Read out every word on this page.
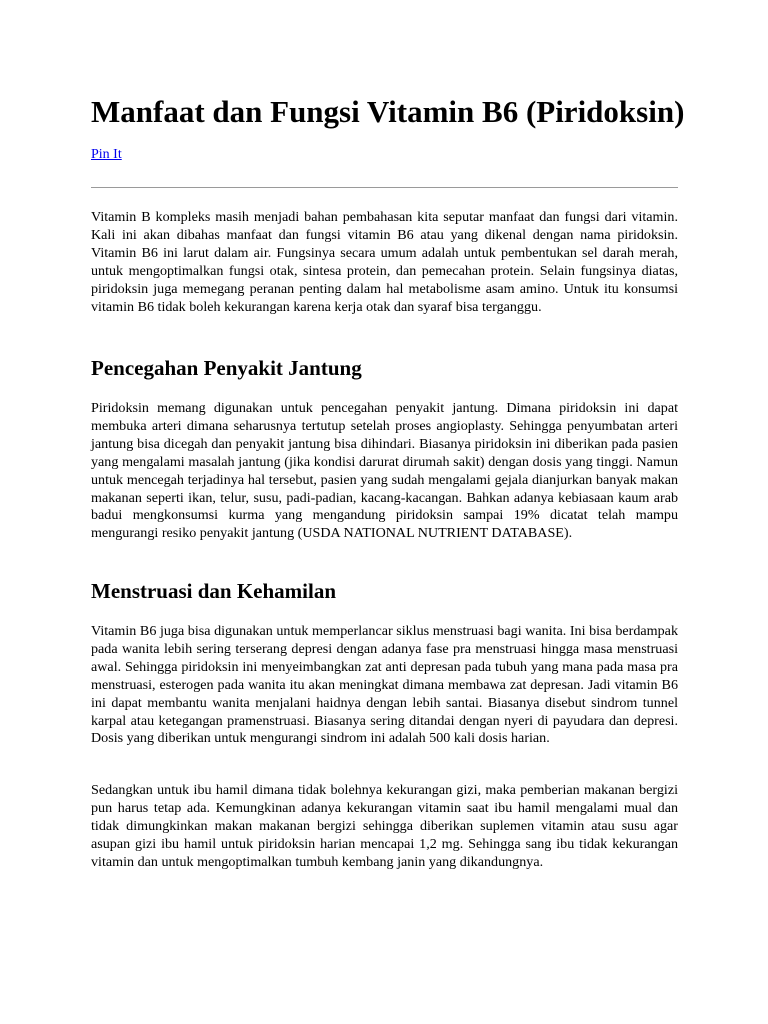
Manfaat dan Fungsi Vitamin B6 (Piridoksin)
Pin It

Vitamin B kompleks masih menjadi bahan pembahasan kita seputar manfaat dan fungsi dari vitamin. Kali ini akan dibahas manfaat dan fungsi vitamin B6 atau yang dikenal dengan nama piridoksin. Vitamin B6 ini larut dalam air. Fungsinya secara umum adalah untuk pembentukan sel darah merah, untuk mengoptimalkan fungsi otak, sintesa protein, dan pemecahan protein. Selain fungsinya diatas, piridoksin juga memegang peranan penting dalam hal metabolisme asam amino. Untuk itu konsumsi vitamin B6 tidak boleh kekurangan karena kerja otak dan syaraf bisa terganggu.

Pencegahan Penyakit Jantung

Piridoksin memang digunakan untuk pencegahan penyakit jantung. Dimana piridoksin ini dapat membuka arteri dimana seharusnya tertutup setelah proses angioplasty. Sehingga penyumbatan arteri jantung bisa dicegah dan penyakit jantung bisa dihindari. Biasanya piridoksin ini diberikan pada pasien yang mengalami masalah jantung (jika kondisi darurat dirumah sakit) dengan dosis yang tinggi. Namun untuk mencegah terjadinya hal tersebut, pasien yang sudah mengalami gejala dianjurkan banyak makan makanan seperti ikan, telur, susu, padi-padian, kacang-kacangan. Bahkan adanya kebiasaan kaum arab badui mengkonsumsi kurma yang mengandung piridoksin sampai 19% dicatat telah mampu mengurangi resiko penyakit jantung (USDA NATIONAL NUTRIENT DATABASE).

Menstruasi dan Kehamilan

Vitamin B6 juga bisa digunakan untuk memperlancar siklus menstruasi bagi wanita. Ini bisa berdampak pada wanita lebih sering terserang depresi dengan adanya fase pra menstruasi hingga masa menstruasi awal. Sehingga piridoksin ini menyeimbangkan zat anti depresan pada tubuh yang mana pada masa pra menstruasi, esterogen pada wanita itu akan meningkat dimana membawa zat depresan. Jadi vitamin B6 ini dapat membantu wanita menjalani haidnya dengan lebih santai. Biasanya disebut sindrom tunnel karpal atau ketegangan pramenstruasi. Biasanya sering ditandai dengan nyeri di payudara dan depresi. Dosis yang diberikan untuk mengurangi sindrom ini adalah 500 kali dosis harian.

Sedangkan untuk ibu hamil dimana tidak bolehnya kekurangan gizi, maka pemberian makanan bergizi pun harus tetap ada. Kemungkinan adanya kekurangan vitamin saat ibu hamil mengalami mual dan tidak dimungkinkan makan makanan bergizi sehingga diberikan suplemen vitamin atau susu agar asupan gizi ibu hamil untuk piridoksin harian mencapai 1,2 mg. Sehingga sang ibu tidak kekurangan vitamin dan untuk mengoptimalkan tumbuh kembang janin yang dikandungnya.
